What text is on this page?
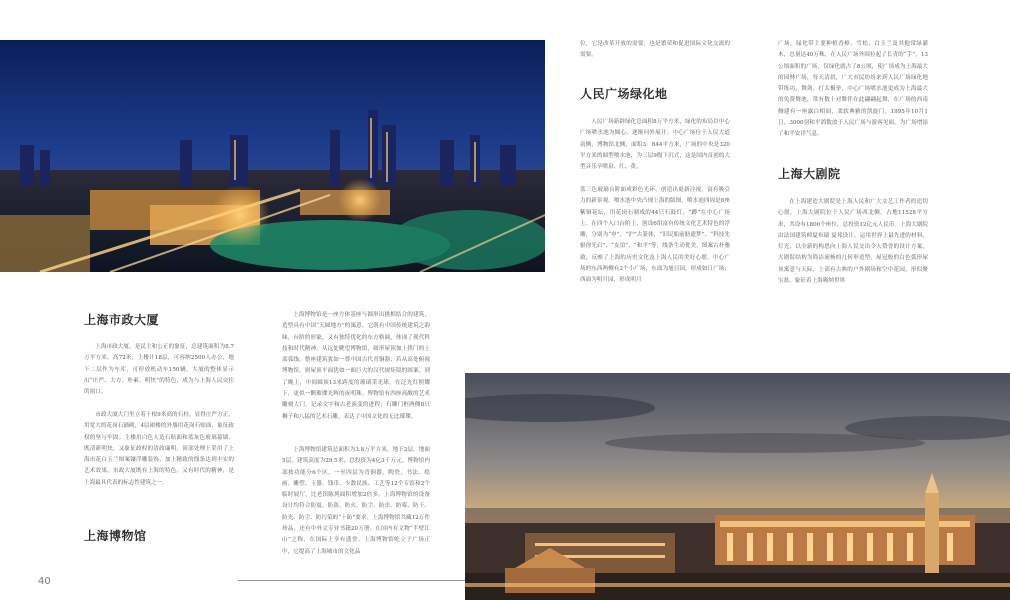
上海市政大厦

上海市政大厦，是民主和公正的象征，总建筑面积为8.7万平方米，高72米，主楼计18层，可容纳2500人办公，地下二层作为车库，可停放机动车150辆。大厦的整体显示出“庄严、大方、朴素、明快”的特色，成为与上海人民交往的窗口。

市政大厦大门坐立着十根9米高的石柱，显得庄严方正，用宽大的花岗石铺砌，4层裙楼的外墙用花岗石贴面，象征政权的坚与牢固；主楼用白色人造石贴面和蓝灰色玻璃幕墙，既清新明快，又象征政权的清政廉明。顶部处理上采用了上海市花白玉兰图案镶浮雕装饰，加上精致的线条达到丰实的艺术效果。市政大厦既有上海的特色，又有时代的精神，是上海最具代表的标志性建筑之一。

上海博物馆

上海博物馆是一座方体基座与圆形出挑相结合的建筑，造型具有中国“天圆地方”的寓意。它既有中国传统建筑之韵味，台阶的形象，又有独特优化的东方格调，体现了现代科技和时代精神。从远处眺望博物馆，圆形屋顶加上拱门的上部弧线，整座建筑犹如一尊中国古代青铜器；若从高处俯视博物馆，则屋顶平面犹如一面巨大的汉代规矩镜的图案。到了晚上，中间圆顶13米跨度的玻璃采光球，在泛光灯照耀下，更似一颗璀璨光辉的夜明珠。博物馆有四座高敞的艺术雕刻大门，记录文字和古老演变的进程；石雕门框两侧8只狮子和八猛的艺术石雕，表达了中国文化的无比璀璨。

上海博物馆建筑总面积为3.8万平方米，地下2层，地面5层，建筑高度为29.5米，总投资为4亿3千万元。博物馆内部按功能分6个区，一至四层为青铜器、陶瓷、书法、绘画、雕塑、玉器、钱币、少数民族、工艺等12个专馆和2个临时展厅，比老馆陈列面积增加2倍多。上海博物馆的设备设计均符合防震、防盗、防火、防尘、防虫、防霉、防干、防光、防尘、防污染的“十防”要求。上海博物馆共藏12万件珍品，还有中外文专业书籍20万册。在国内有文物“半壁江山”之称，在国际上享有盛誉。上海博物馆屹立于广场正中，它提高了上海城市的文化品

位，它是改革开放的需要，也是繁荣和促进国际文化交流的需要。

人民广场绿化地

人民广场新辟绿化总面积8万平方米，绿化的布局以中心广场喷水池为圆心，逐渐向外展开。中心广场位于人民大道南侧，博物馆北侧，面积3．844平方米，广场的中央是320平方米的圆型喷水池，为三层9级下沉式，这是国内首创的大型音乐旱喷泉、红、黄。

蓝三色玻璃台阶面成彩色光环，创造出更新注视，富有吸引力的新景观。喷水池中央凸现上海的版图，喷水池四周是8座紫铜花坛，用花岗石制成的44只石鼓灯，“蹲”在中心广场上。在四个入口台阶上，创设6组富有传统文化艺术特色的浮雕，分别为“申”、“沪”古篆体，“旧民船前舫遗梦”、“科技先驱徐光启”、“友谊”、“和平”等，线条生动优美，图案古朴雅致，反映了上海的历史文化及上海人民的美好心愿。中心广场的东西两侧有2个小广场，东面为旭日园，形成如日广场；西面为明月园，形成明月

广场，绿化带主要种植香樟、雪松、白玉兰及其他常绿灌木，总量达40万株，在人民广场外围拉起了长青的“手”，13公顷面积的广场，仅绿化就占了8公顷，使广场成为上海最大的园林广场，每天清晨，广大市民纷纷来到人民广场绿化地带练功、舞剑、打太极拳，中心广场喷水池更成为上海最大的免费舞池，常有数十对舞伴在此翩翩起舞，在广场的西南侧建有一座露白相间，柔软典雅的凯旋门。1995年10月1日，3000羽和平鸽数放于人民广场与游客见面，为广场增添了和平安详气息。

上海大剧院

在上海建造大剧院是上海人民和广大文艺工作者的追切心愿，上海大剧院位于人民广场西北侧，占地11528平方米，共设有1800个座位，总投资12亿元人民币。上海大剧院由法国建筑师夏布瑞·夏邦设计，运用世界上最先进的材料、灯光、以全新的构思向上海人民交出令人赞誉的设计方案。大剧院结构为简洁流畅的几何形造型，屋冠般的白色弧形屋顶寓意与天际，上部有古典的户外剧场和空中花园，形似聚宝盆，象征着上海吸纳世界

40
